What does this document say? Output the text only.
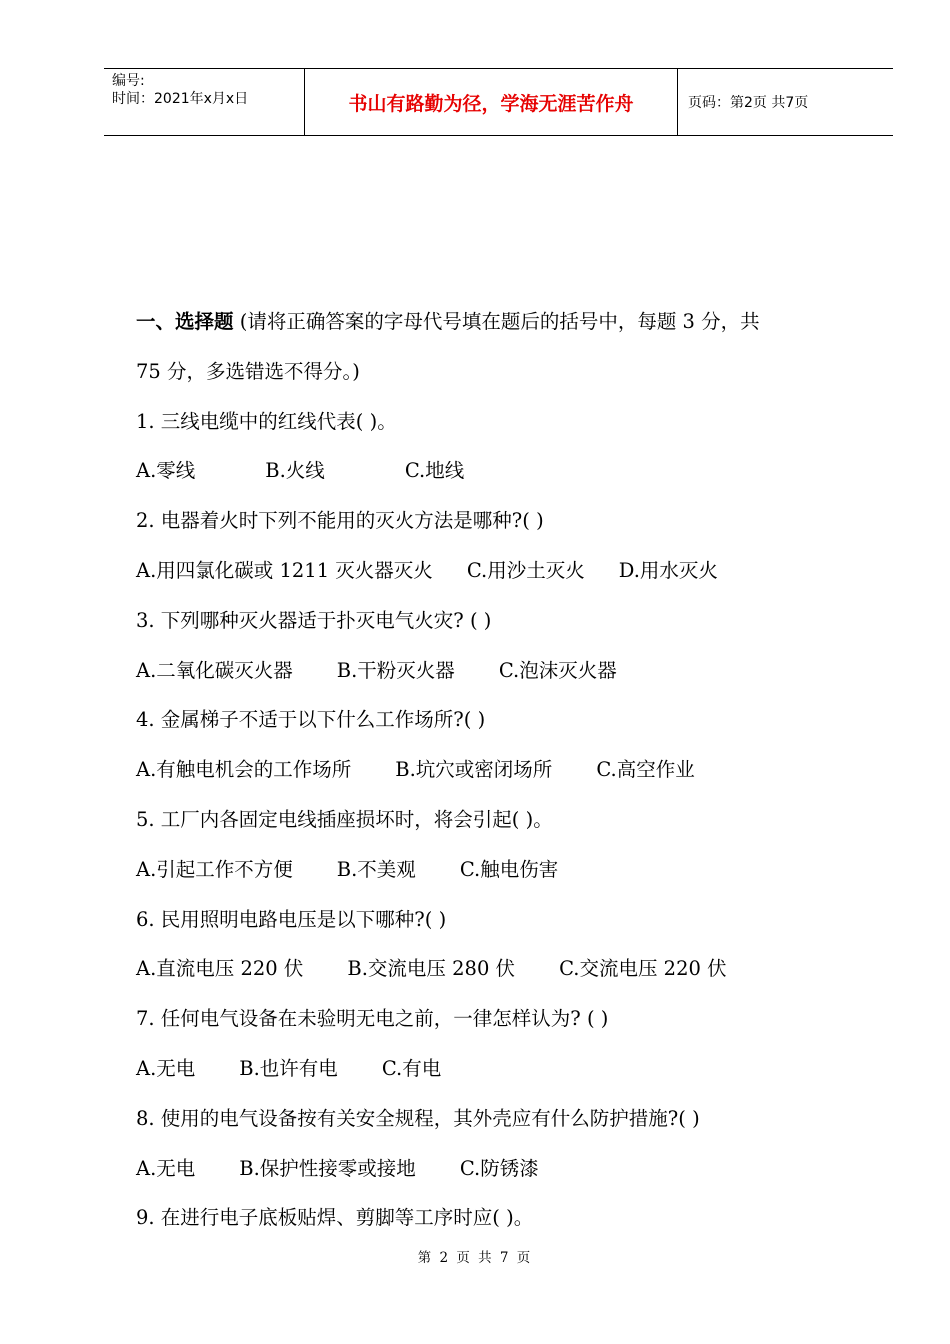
编号:
时间：2021年x月x日	书山有路勤为径，学海无涯苦作舟	页码：第2页 共7页
一、选择题 (请将正确答案的字母代号填在题后的括号中，每题 3 分，共
75 分，多选错选不得分。)
1. 三线电缆中的红线代表( )。
A.零线	B.火线	C.地线
2. 电器着火时下列不能用的灭火方法是哪种?( )
A.用四氯化碳或 1211 灭火器灭火 C.用沙土灭火 D.用水灭火
3. 下列哪种灭火器适于扑灭电气火灾? ( )
A.二氧化碳灭火器 B.干粉灭火器 C.泡沫灭火器
4. 金属梯子不适于以下什么工作场所?( )
A.有触电机会的工作场所 B.坑穴或密闭场所 C.高空作业
5. 工厂内各固定电线插座损坏时，将会引起( )。
A.引起工作不方便 B.不美观 C.触电伤害
6. 民用照明电路电压是以下哪种?( )
A.直流电压 220 伏 B.交流电压 280 伏 C.交流电压 220 伏
7. 任何电气设备在未验明无电之前，一律怎样认为? ( )
A.无电 B.也许有电 C.有电
8. 使用的电气设备按有关安全规程，其外壳应有什么防护措施?( )
A.无电 B.保护性接零或接地 C.防锈漆
9. 在进行电子底板贴焊、剪脚等工序时应( )。
第 2 页 共 7 页
